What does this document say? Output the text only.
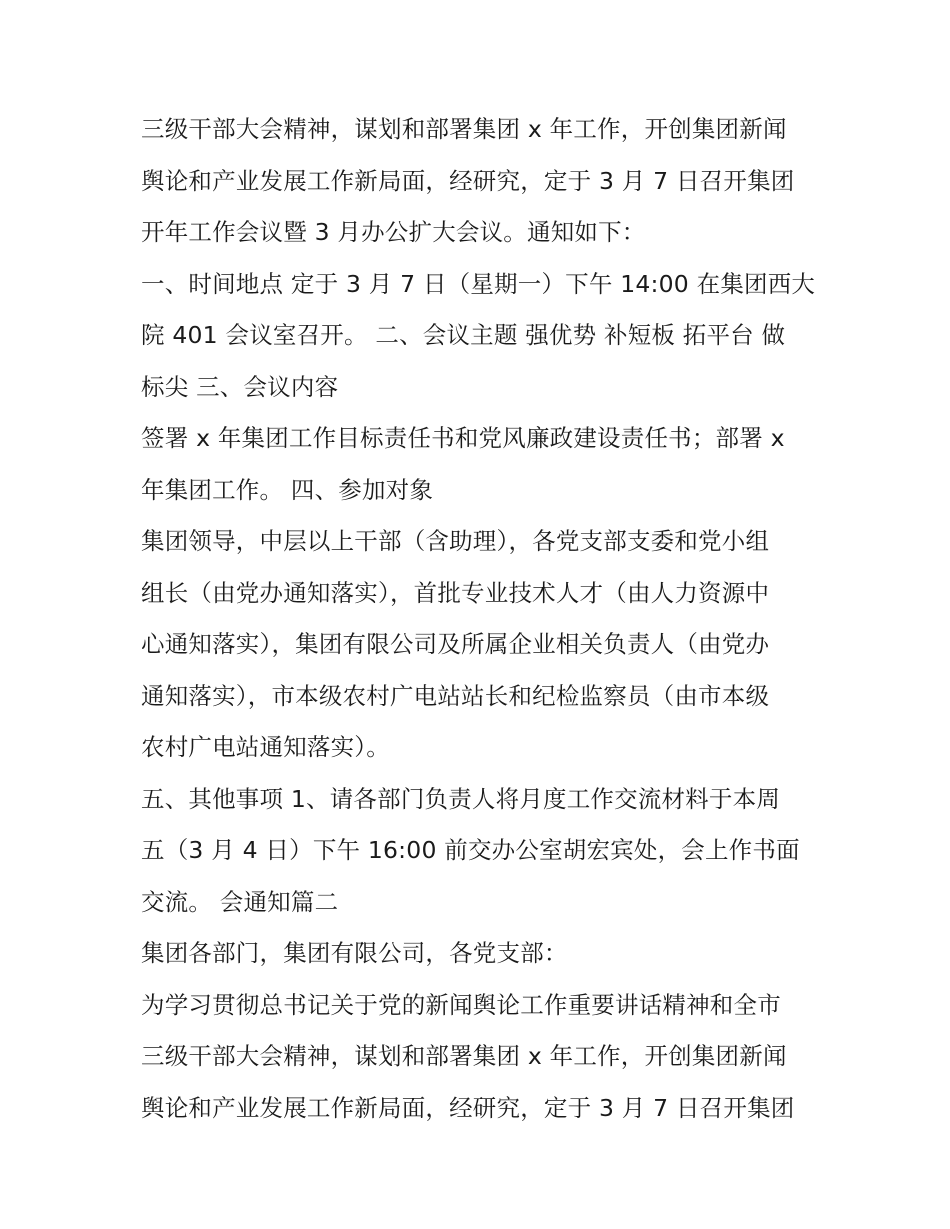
三级干部大会精神，谋划和部署集团 x 年工作，开创集团新闻
舆论和产业发展工作新局面，经研究，定于 3 月 7 日召开集团
开年工作会议暨 3 月办公扩大会议。通知如下：
一、时间地点 定于 3 月 7 日（星期一）下午 14:00 在集团西大
院 401 会议室召开。 二、会议主题 强优势 补短板 拓平台 做
标尖 三、会议内容
签署 x 年集团工作目标责任书和党风廉政建设责任书；部署 x
年集团工作。 四、参加对象
集团领导，中层以上干部（含助理），各党支部支委和党小组
组长（由党办通知落实），首批专业技术人才（由人力资源中
心通知落实），集团有限公司及所属企业相关负责人（由党办
通知落实），市本级农村广电站站长和纪检监察员（由市本级
农村广电站通知落实）。
五、其他事项 1、请各部门负责人将月度工作交流材料于本周
五（3 月 4 日）下午 16:00 前交办公室胡宏宾处，会上作书面
交流。 会通知篇二
集团各部门，集团有限公司，各党支部：
为学习贯彻总书记关于党的新闻舆论工作重要讲话精神和全市
三级干部大会精神，谋划和部署集团 x 年工作，开创集团新闻
舆论和产业发展工作新局面，经研究，定于 3 月 7 日召开集团
